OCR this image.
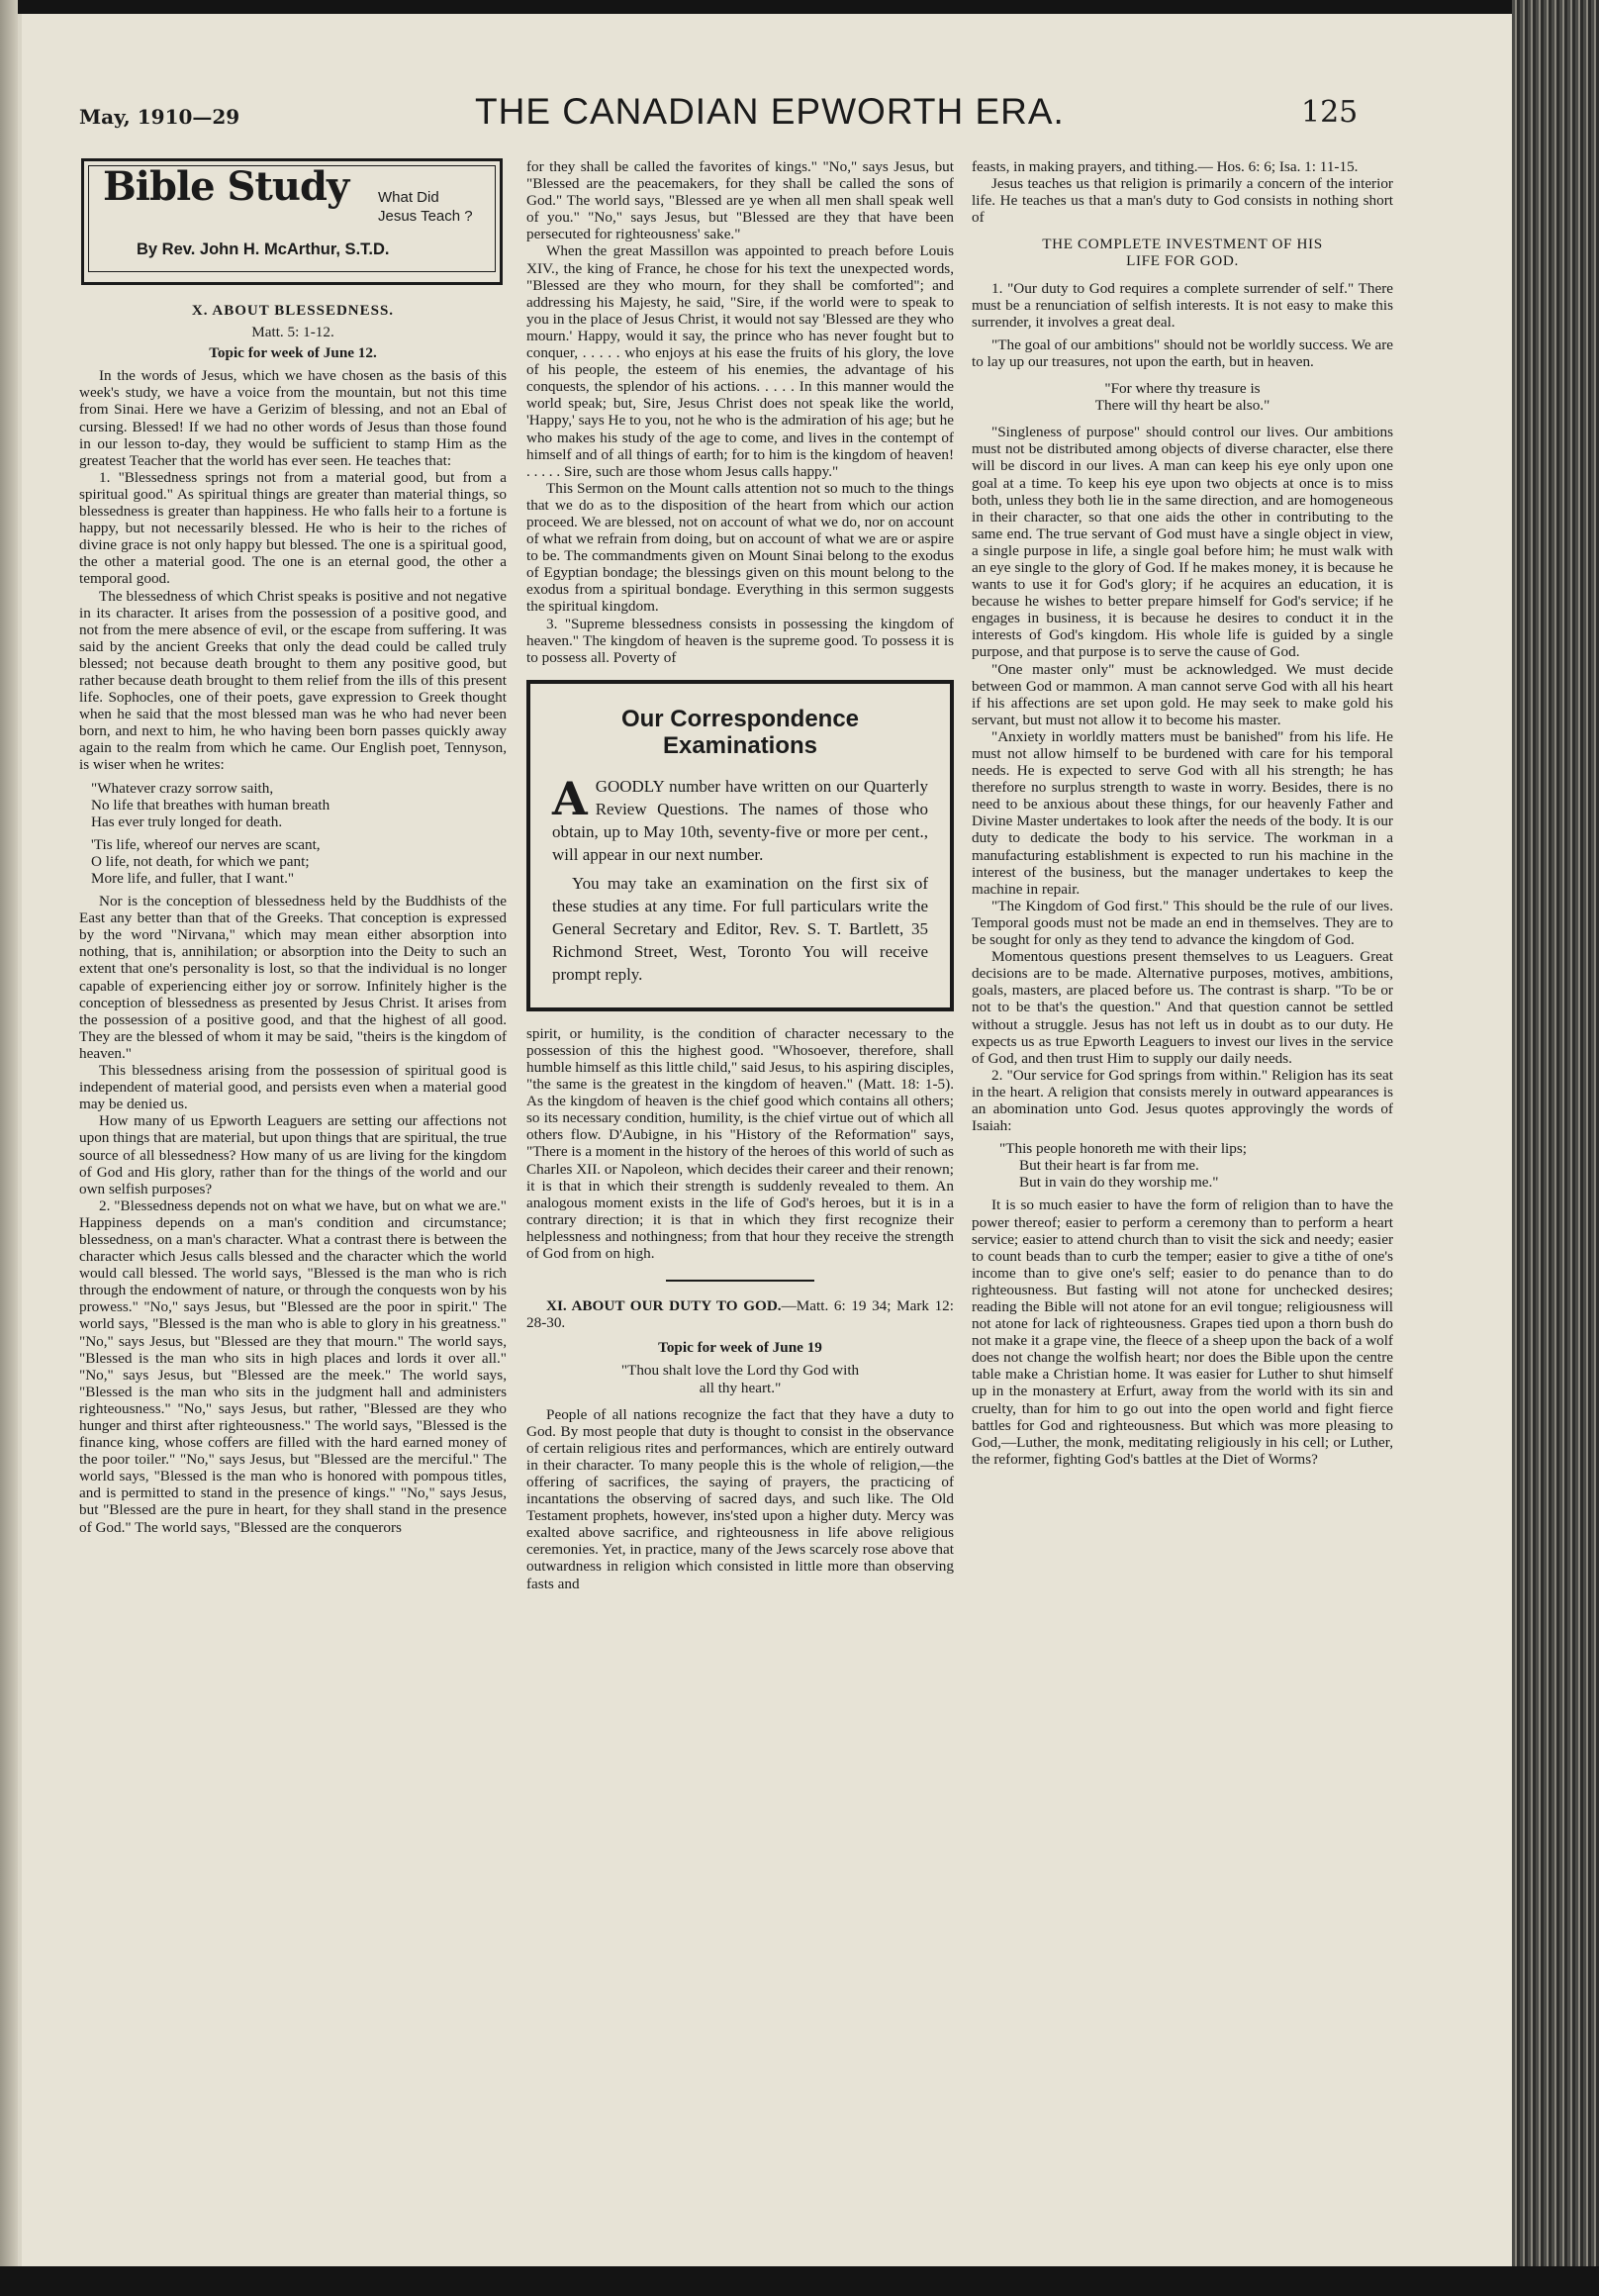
May, 1910—29	THE CANADIAN EPWORTH ERA.	125
Bible Study What Did
Jesus Teach ?
By Rev. John H. McArthur, S.T.D.
X. ABOUT BLESSEDNESS.
Matt. 5: 1-12.
Topic for week of June 12.

In the words of Jesus, which we have chosen as the basis of this week's study, we have a voice from the mountain, but not this time from Sinai. Here we have a Gerizim of blessing, and not an Ebal of cursing. Blessed! If we had no other words of Jesus than those found in our lesson to-day, they would be sufficient to stamp Him as the greatest Teacher that the world has ever seen. He teaches that:

1. "Blessedness springs not from a material good, but from a spiritual good." As spiritual things are greater than material things, so blessedness is greater than happiness. He who falls heir to a fortune is happy, but not necessarily blessed. He who is heir to the riches of divine grace is not only happy but blessed. The one is a spiritual good, the other a material good. The one is an eternal good, the other a temporal good.

The blessedness of which Christ speaks is positive and not negative in its character. It arises from the possession of a positive good, and not from the mere absence of evil, or the escape from suffering. It was said by the ancient Greeks that only the dead could be called truly blessed; not because death brought to them any positive good, but rather because death brought to them relief from the ills of this present life. Sophocles, one of their poets, gave expression to Greek thought when he said that the most blessed man was he who had never been born, and next to him, he who having been born passes quickly away again to the realm from which he came. Our English poet, Tennyson, is wiser when he writes:

"Whatever crazy sorrow saith,
No life that breathes with human breath
Has ever truly longed for death.
'Tis life, whereof our nerves are scant,
O life, not death, for which we pant;
More life, and fuller, that I want."

Nor is the conception of blessedness held by the Buddhists of the East any better than that of the Greeks. That conception is expressed by the word "Nirvana," which may mean either absorption into nothing, that is, annihilation; or absorption into the Deity to such an extent that one's personality is lost, so that the individual is no longer capable of experiencing either joy or sorrow. Infinitely higher is the conception of blessedness as presented by Jesus Christ. It arises from the possession of a positive good, and that the highest of all good. They are the blessed of whom it may be said, "theirs is the kingdom of heaven."

This blessedness arising from the possession of spiritual good is independent of material good, and persists even when a material good may be denied us.

How many of us Epworth Leaguers are setting our affections not upon things that are material, but upon things that are spiritual, the true source of all blessedness? How many of us are living for the kingdom of God and His glory, rather than for the things of the world and our own selfish purposes?

2. "Blessedness depends not on what we have, but on what we are." Happiness depends on a man's condition and circumstance; blessedness, on a man's character. What a contrast there is between the character which Jesus calls blessed and the character which the world would call blessed. The world says, "Blessed is the man who is rich through the endowment of nature, or through the conquests won by his prowess." "No," says Jesus, but "Blessed are the poor in spirit." The world says, "Blessed is the man who is able to glory in his greatness." "No," says Jesus, but "Blessed are they that mourn." The world says, "Blessed is the man who sits in high places and lords it over all." "No," says Jesus, but "Blessed are the meek." The world says, "Blessed is the man who sits in the judgment hall and administers righteousness." "No," says Jesus, but rather, "Blessed are they who hunger and thirst after righteousness." The world says, "Blessed is the finance king, whose coffers are filled with the hard earned money of the poor toiler." "No," says Jesus, but "Blessed are the merciful." The world says, "Blessed is the man who is honored with pompous titles, and is permitted to stand in the presence of kings." "No," says Jesus, but "Blessed are the pure in heart, for they shall stand in the presence of God." The world says, "Blessed are the conquerors

for they shall be called the favorites of kings." "No," says Jesus, but "Blessed are the peacemakers, for they shall be called the sons of God." The world says, "Blessed are ye when all men shall speak well of you." "No," says Jesus, but "Blessed are they that have been persecuted for righteousness' sake."

When the great Massillon was appointed to preach before Louis XIV., the king of France, he chose for his text the unexpected words, "Blessed are they who mourn, for they shall be comforted"; and addressing his Majesty, he said, "Sire, if the world were to speak to you in the place of Jesus Christ, it would not say 'Blessed are they who mourn.' Happy, would it say, the prince who has never fought but to conquer, . . . . . who enjoys at his ease the fruits of his glory, the love of his people, the esteem of his enemies, the advantage of his conquests, the splendor of his actions. . . . . In this manner would the world speak; but, Sire, Jesus Christ does not speak like the world, 'Happy,' says He to you, not he who is the admiration of his age; but he who makes his study of the age to come, and lives in the contempt of himself and of all things of earth; for to him is the kingdom of heaven! . . . . . Sire, such are those whom Jesus calls happy."

This Sermon on the Mount calls attention not so much to the things that we do as to the disposition of the heart from which our action proceed. We are blessed, not on account of what we do, nor on account of what we refrain from doing, but on account of what we are or aspire to be. The commandments given on Mount Sinai belong to the exodus of Egyptian bondage; the blessings given on this mount belong to the exodus from a spiritual bondage. Everything in this sermon suggests the spiritual kingdom.

3. "Supreme blessedness consists in possessing the kingdom of heaven." The kingdom of heaven is the supreme good. To possess it is to possess all. Poverty of

Our Correspondence
Examinations

AGOODLY number have written on our Quarterly Review Questions. The names of those who obtain, up to May 10th, seventy-five or more per cent., will appear in our next number.

You may take an examination on the first six of these studies at any time. For full particulars write the General Secretary and Editor, Rev. S. T. Bartlett, 35 Richmond Street, West, Toronto You will receive prompt reply.

spirit, or humility, is the condition of character necessary to the possession of this the highest good. "Whosoever, therefore, shall humble himself as this little child," said Jesus, to his aspiring disciples, "the same is the greatest in the kingdom of heaven." (Matt. 18: 1-5). As the kingdom of heaven is the chief good which contains all others; so its necessary condition, humility, is the chief virtue out of which all others flow. D'Aubigne, in his "History of the Reformation" says, "There is a moment in the history of the heroes of this world of such as Charles XII. or Napoleon, which decides their career and their renown; it is that in which their strength is suddenly revealed to them. An analogous moment exists in the life of God's heroes, but it is in a contrary direction; it is that in which they first recognize their helplessness and nothingness; from that hour they receive the strength of God from on high.

XI. ABOUT OUR DUTY TO GOD.—Matt. 6: 19 34; Mark 12: 28-30.

Topic for week of June 19
"Thou shalt love the Lord thy God with
all thy heart."

People of all nations recognize the fact that they have a duty to God. By most people that duty is thought to consist in the observance of certain religious rites and performances, which are entirely outward in their character. To many people this is the whole of religion,—the offering of sacrifices, the saying of prayers, the practicing of incantations the observing of sacred days, and such like. The Old Testament prophets, however, ins'sted upon a higher duty. Mercy was exalted above sacrifice, and righteousness in life above religious ceremonies. Yet, in practice, many of the Jews scarcely rose above that outwardness in religion which consisted in little more than observing fasts and

feasts, in making prayers, and tithing.— Hos. 6: 6; Isa. 1: 11-15.

Jesus teaches us that religion is primarily a concern of the interior life. He teaches us that a man's duty to God consists in nothing short of

THE COMPLETE INVESTMENT OF HIS
LIFE FOR GOD.

1. "Our duty to God requires a complete surrender of self." There must be a renunciation of selfish interests. It is not easy to make this surrender, it involves a great deal.

"The goal of our ambitions" should not be worldly success. We are to lay up our treasures, not upon the earth, but in heaven.

"For where thy treasure is
There will thy heart be also."

"Singleness of purpose" should control our lives. Our ambitions must not be distributed among objects of diverse character, else there will be discord in our lives. A man can keep his eye only upon one goal at a time. To keep his eye upon two objects at once is to miss both, unless they both lie in the same direction, and are homogeneous in their character, so that one aids the other in contributing to the same end. The true servant of God must have a single object in view, a single purpose in life, a single goal before him; he must walk with an eye single to the glory of God. If he makes money, it is because he wants to use it for God's glory; if he acquires an education, it is because he wishes to better prepare himself for God's service; if he engages in business, it is because he desires to conduct it in the interests of God's kingdom. His whole life is guided by a single purpose, and that purpose is to serve the cause of God.

"One master only" must be acknowledged. We must decide between God or mammon. A man cannot serve God with all his heart if his affections are set upon gold. He may seek to make gold his servant, but must not allow it to become his master.

"Anxiety in worldly matters must be banished" from his life. He must not allow himself to be burdened with care for his temporal needs. He is expected to serve God with all his strength; he has therefore no surplus strength to waste in worry. Besides, there is no need to be anxious about these things, for our heavenly Father and Divine Master undertakes to look after the needs of the body. It is our duty to dedicate the body to his service. The workman in a manufacturing establishment is expected to run his machine in the interest of the business, but the manager undertakes to keep the machine in repair.

"The Kingdom of God first." This should be the rule of our lives. Temporal goods must not be made an end in themselves. They are to be sought for only as they tend to advance the kingdom of God.

Momentous questions present themselves to us Leaguers. Great decisions are to be made. Alternative purposes, motives, ambitions, goals, masters, are placed before us. The contrast is sharp. "To be or not to be that's the question." And that question cannot be settled without a struggle. Jesus has not left us in doubt as to our duty. He expects us as true Epworth Leaguers to invest our lives in the service of God, and then trust Him to supply our daily needs.

2. "Our service for God springs from within." Religion has its seat in the heart. A religion that consists merely in outward appearances is an abomination unto God. Jesus quotes approvingly the words of Isaiah:

"This people honoreth me with their lips;
But their heart is far from me.
But in vain do they worship me."

It is so much easier to have the form of religion than to have the power thereof; easier to perform a ceremony than to perform a heart service; easier to attend church than to visit the sick and needy; easier to count beads than to curb the temper; easier to give a tithe of one's income than to give one's self; easier to do penance than to do righteousness. But fasting will not atone for unchecked desires; reading the Bible will not atone for an evil tongue; religiousness will not atone for lack of righteousness. Grapes tied upon a thorn bush do not make it a grape vine, the fleece of a sheep upon the back of a wolf does not change the wolfish heart; nor does the Bible upon the centre table make a Christian home. It was easier for Luther to shut himself up in the monastery at Erfurt, away from the world with its sin and cruelty, than for him to go out into the open world and fight fierce battles for God and righteousness. But which was more pleasing to God,—Luther, the monk, meditating religiously in his cell; or Luther, the reformer, fighting God's battles at the Diet of Worms?
